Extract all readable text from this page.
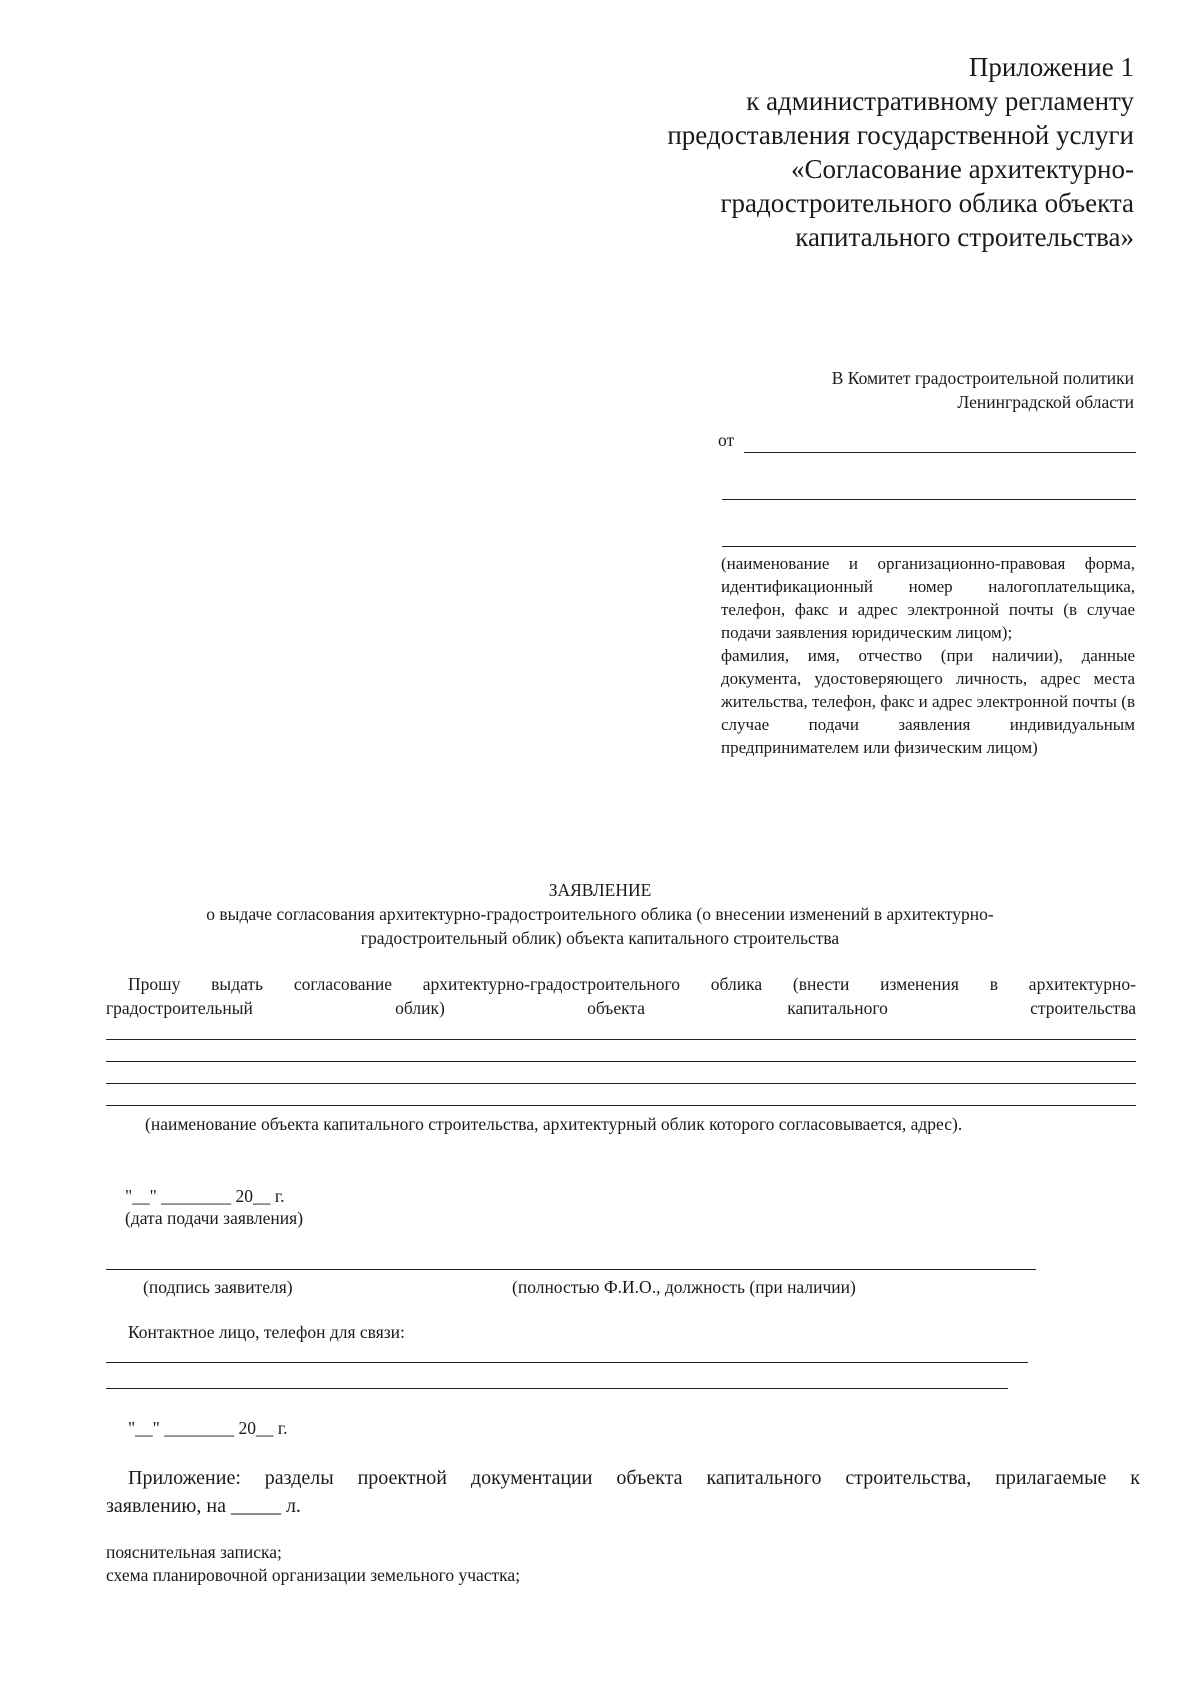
Приложение 1
к административному регламенту
предоставления государственной услуги
«Согласование архитектурно-
градостроительного облика объекта
капитального строительства»
В Комитет градостроительной политики
Ленинградской области
от

(наименование и организационно-правовая форма, идентификационный номер налогоплательщика, телефон, факс и адрес электронной почты (в случае подачи заявления юридическим лицом);

фамилия, имя, отчество (при наличии), данные документа, удостоверяющего личность, адрес места жительства, телефон, факс и адрес электронной почты (в случае подачи заявления индивидуальным предпринимателем или физическим лицом)

ЗАЯВЛЕНИЕ
о выдаче согласования архитектурно-градостроительного облика (о внесении изменений в архитектурно-
градостроительный облик) объекта капитального строительства
Прошу выдать согласование архитектурно-градостроительного облика (внести изменения в архитектурно-
градостроительный облик) объекта капитального строительства
(наименование объекта капитального строительства, архитектурный облик которого согласовывается, адрес).
"__" ________ 20__ г.
(дата подачи заявления)
(подпись заявителя)	(полностью Ф.И.О., должность (при наличии)
Контактное лицо, телефон для связи:
"__" ________ 20__ г.
Приложение: разделы проектной документации объекта капитального строительства, прилагаемые к
заявлению, на _____ л.
пояснительная записка;
схема планировочной организации земельного участка;
